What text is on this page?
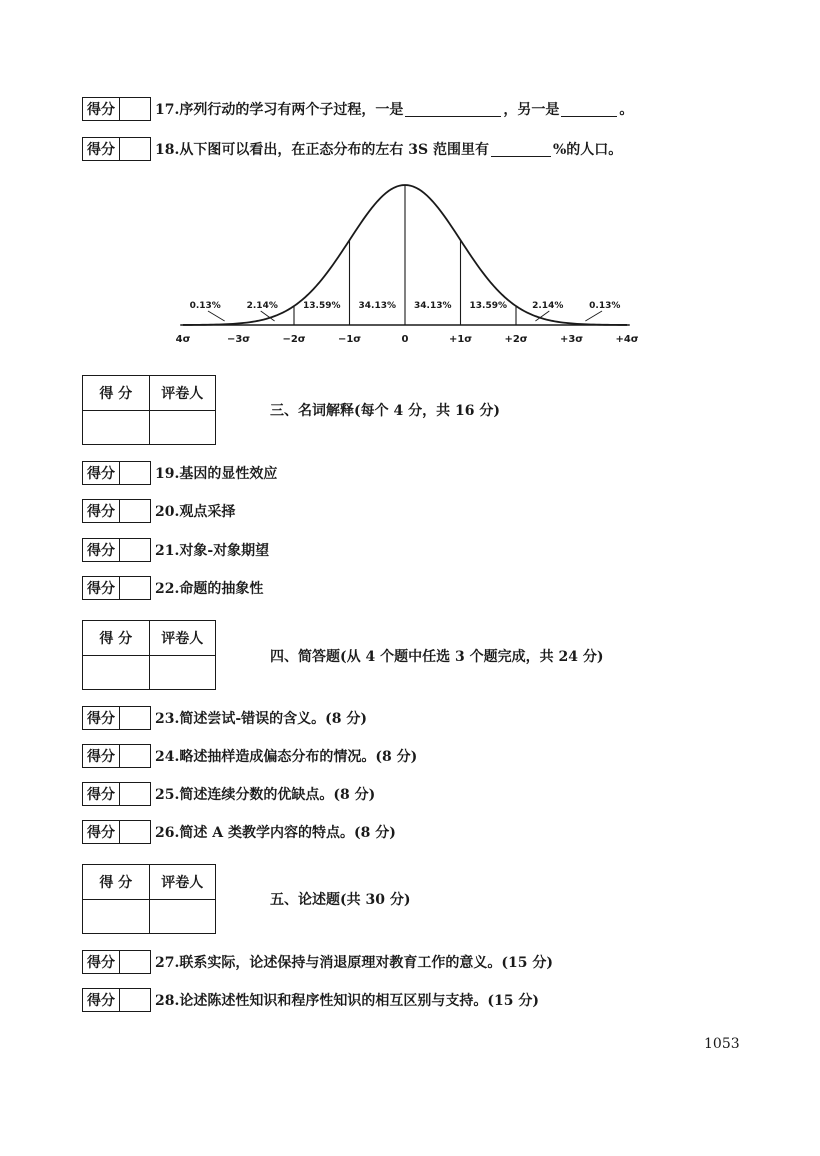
得分	17.序列行动的学习有两个子过程，一是	，另一是	。
得分	18.从下图可以看出，在正态分布的左右 3S 范围里有	%的人口。
2.14%	13.59% 34.13% 34.13% 13.59%	2.14%
0.13%	0.13%
4σ	−3σ	−2σ	−1σ	0	+1σ	+2σ	+3σ	+4σ
得 分	评卷人
三、名词解释(每个 4 分，共 16 分)
得分	19.基因的显性效应
得分	20.观点采择
得分	21.对象-对象期望
得分	22.命题的抽象性
得 分	评卷人
四、简答题(从 4 个题中任选 3 个题完成，共 24 分)
得分	23.简述尝试-错误的含义。(8 分)
得分	24.略述抽样造成偏态分布的情况。(8 分)
得分	25.简述连续分数的优缺点。(8 分)
得分	26.简述 A 类教学内容的特点。(8 分)
得 分	评卷人
五、论述题(共 30 分)
得分	27.联系实际，论述保持与消退原理对教育工作的意义。(15 分)
得分	28.论述陈述性知识和程序性知识的相互区别与支持。(15 分)
1053
